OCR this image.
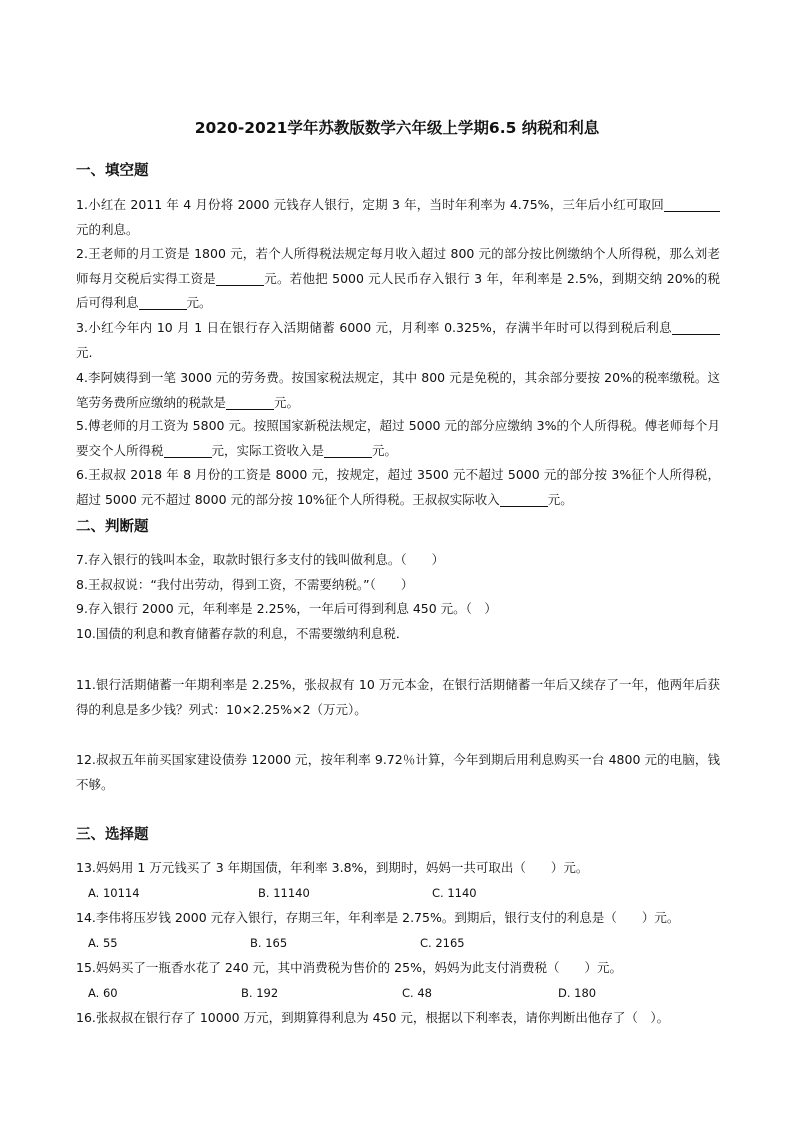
2020-2021学年苏教版数学六年级上学期6.5 纳税和利息
一、填空题
1.小红在 2011 年 4 月份将 2000 元钱存人银行，定期 3 年，当时年利率为 4.75%，三年后小红可取回元的利息。
2.王老师的月工资是 1800 元，若个人所得税法规定每月收入超过 800 元的部分按比例缴纳个人所得税，那么刘老师每月交税后实得工资是	元。若他把 5000 元人民币存入银行 3 年，年利率是 2.5%，到期交纳 20%的税后可得利息	元。
3.小红今年内 10 月 1 日在银行存入活期储蓄 6000 元，月利率 0.325%，存满半年时可以得到税后利息元.
4.李阿姨得到一笔 3000 元的劳务费。按国家税法规定，其中 800 元是免税的，其余部分要按 20%的税率缴税。这笔劳务费所应缴纳的税款是	元。
5.傅老师的月工资为 5800 元。按照国家新税法规定，超过 5000 元的部分应缴纳 3%的个人所得税。傅老师每个月要交个人所得税	元，实际工资收入是	元。
6.王叔叔 2018 年 8 月份的工资是 8000 元，按规定，超过 3500 元不超过 5000 元的部分按 3%征个人所得税，超过 5000 元不超过 8000 元的部分按 10%征个人所得税。王叔叔实际收入	元。
二、判断题
7.存入银行的钱叫本金，取款时银行多支付的钱叫做利息。（　　）
8.王叔叔说：“我付出劳动，得到工资，不需要纳税。”（　　）
9.存入银行 2000 元，年利率是 2.25%，一年后可得到利息 450 元。（　）
10.国债的利息和教育储蓄存款的利息，不需要缴纳利息税．
11.银行活期储蓄一年期利率是 2.25%，张叔叔有 10 万元本金，在银行活期储蓄一年后又续存了一年，他两年后获得的利息是多少钱？列式：10×2.25%×2（万元）。
12.叔叔五年前买国家建设债券 12000 元，按年利率 9.72％计算，今年到期后用利息购买一台 4800 元的电脑，钱不够。
三、选择题
13.妈妈用 1 万元钱买了 3 年期国债，年利率 3.8%，到期时，妈妈一共可取出（　　）元。
A. 10114	B. 11140	C. 1140
14.李伟将压岁钱 2000 元存入银行，存期三年，年利率是 2.75%。到期后，银行支付的利息是（　　）元。
A. 55	B. 165	C. 2165
15.妈妈买了一瓶香水花了 240 元，其中消费税为售价的 25%，妈妈为此支付消费税（　　）元。
A. 60	B. 192	C. 48	D. 180
16.张叔叔在银行存了 10000 万元，到期算得利息为 450 元，根据以下利率表，请你判断出他存了（　）。
